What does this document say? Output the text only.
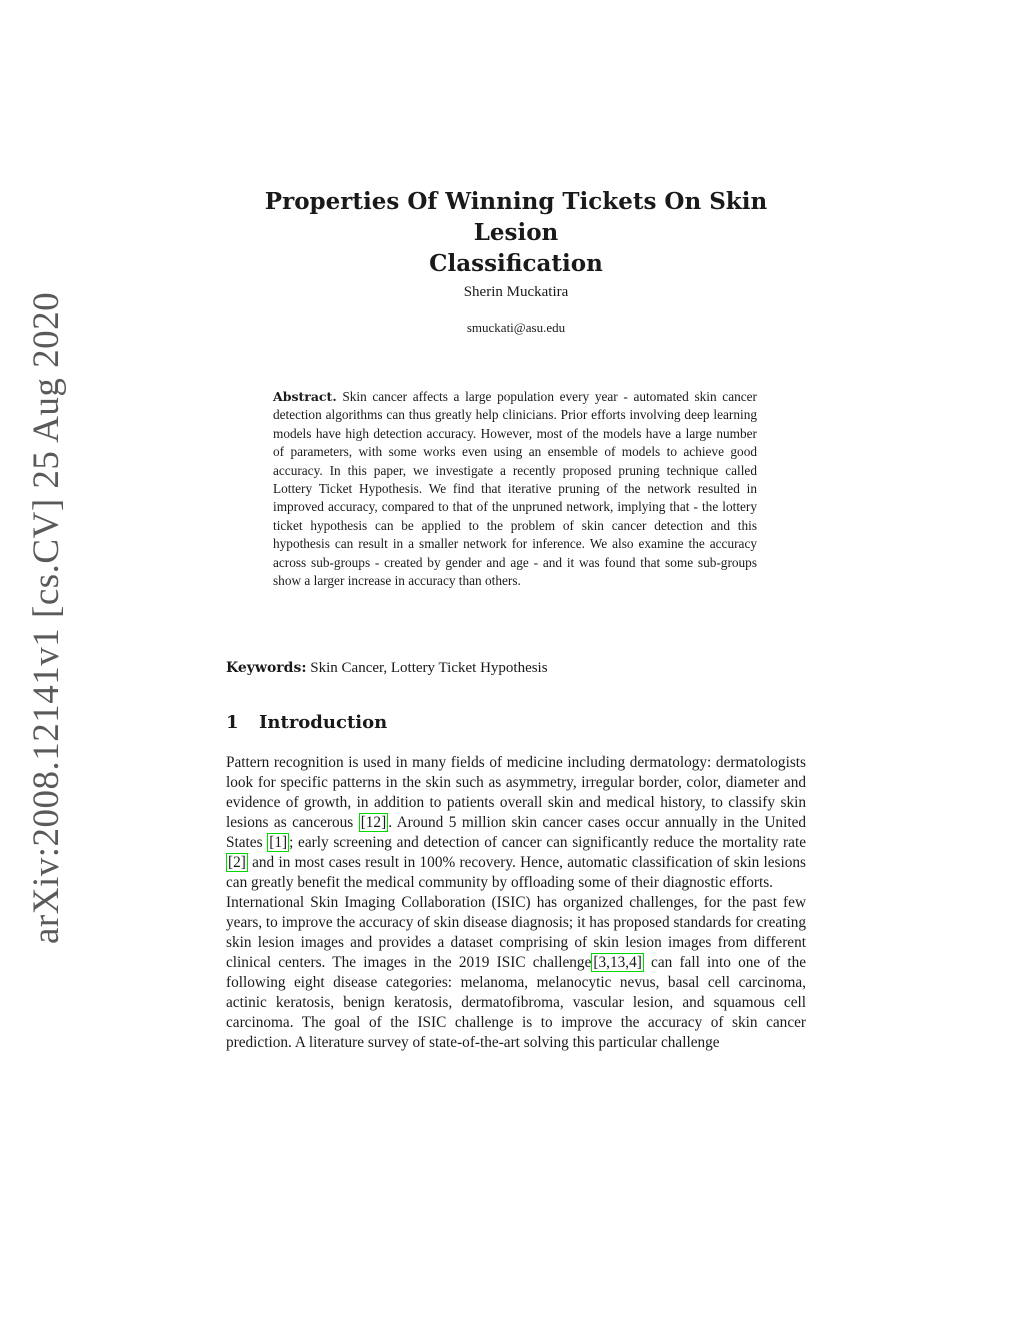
arXiv:2008.12141v1 [cs.CV] 25 Aug 2020
Properties Of Winning Tickets On Skin Lesion
Classification
Sherin Muckatira
smuckati@asu.edu
Abstract. Skin cancer affects a large population every year - automated skin cancer detection algorithms can thus greatly help clinicians. Prior efforts involving deep learning models have high detection accuracy. However, most of the models have a large number of parameters, with some works even using an ensemble of models to achieve good accuracy. In this paper, we investigate a recently proposed pruning technique called Lottery Ticket Hypothesis. We find that iterative pruning of the network resulted in improved accuracy, compared to that of the unpruned network, implying that - the lottery ticket hypothesis can be applied to the problem of skin cancer detection and this hypothesis can result in a smaller network for inference. We also examine the accuracy across sub-groups - created by gender and age - and it was found that some sub-groups show a larger increase in accuracy than others.
Keywords: Skin Cancer, Lottery Ticket Hypothesis
1 Introduction

Pattern recognition is used in many fields of medicine including dermatology: dermatologists look for specific patterns in the skin such as asymmetry, irregular border, color, diameter and evidence of growth, in addition to patients overall skin and medical history, to classify skin lesions as cancerous [12] . Around 5 million skin cancer cases occur annually in the United States [1] ; early screening and detection of cancer can significantly reduce the mortality rate [2] and in most cases result in 100% recovery. Hence, automatic classification of skin lesions can greatly benefit the medical community by offloading some of their diagnostic efforts.

International Skin Imaging Collaboration (ISIC) has organized challenges, for the past few years, to improve the accuracy of skin disease diagnosis; it has proposed standards for creating skin lesion images and provides a dataset comprising of skin lesion images from different clinical centers. The images in the 2019 ISIC challenge [3,13,4] can fall into one of the following eight disease categories: melanoma, melanocytic nevus, basal cell carcinoma, actinic keratosis, benign keratosis, dermatofibroma, vascular lesion, and squamous cell carcinoma. The goal of the ISIC challenge is to improve the accuracy of skin cancer prediction. A literature survey of state-of-the-art solving this particular challenge
